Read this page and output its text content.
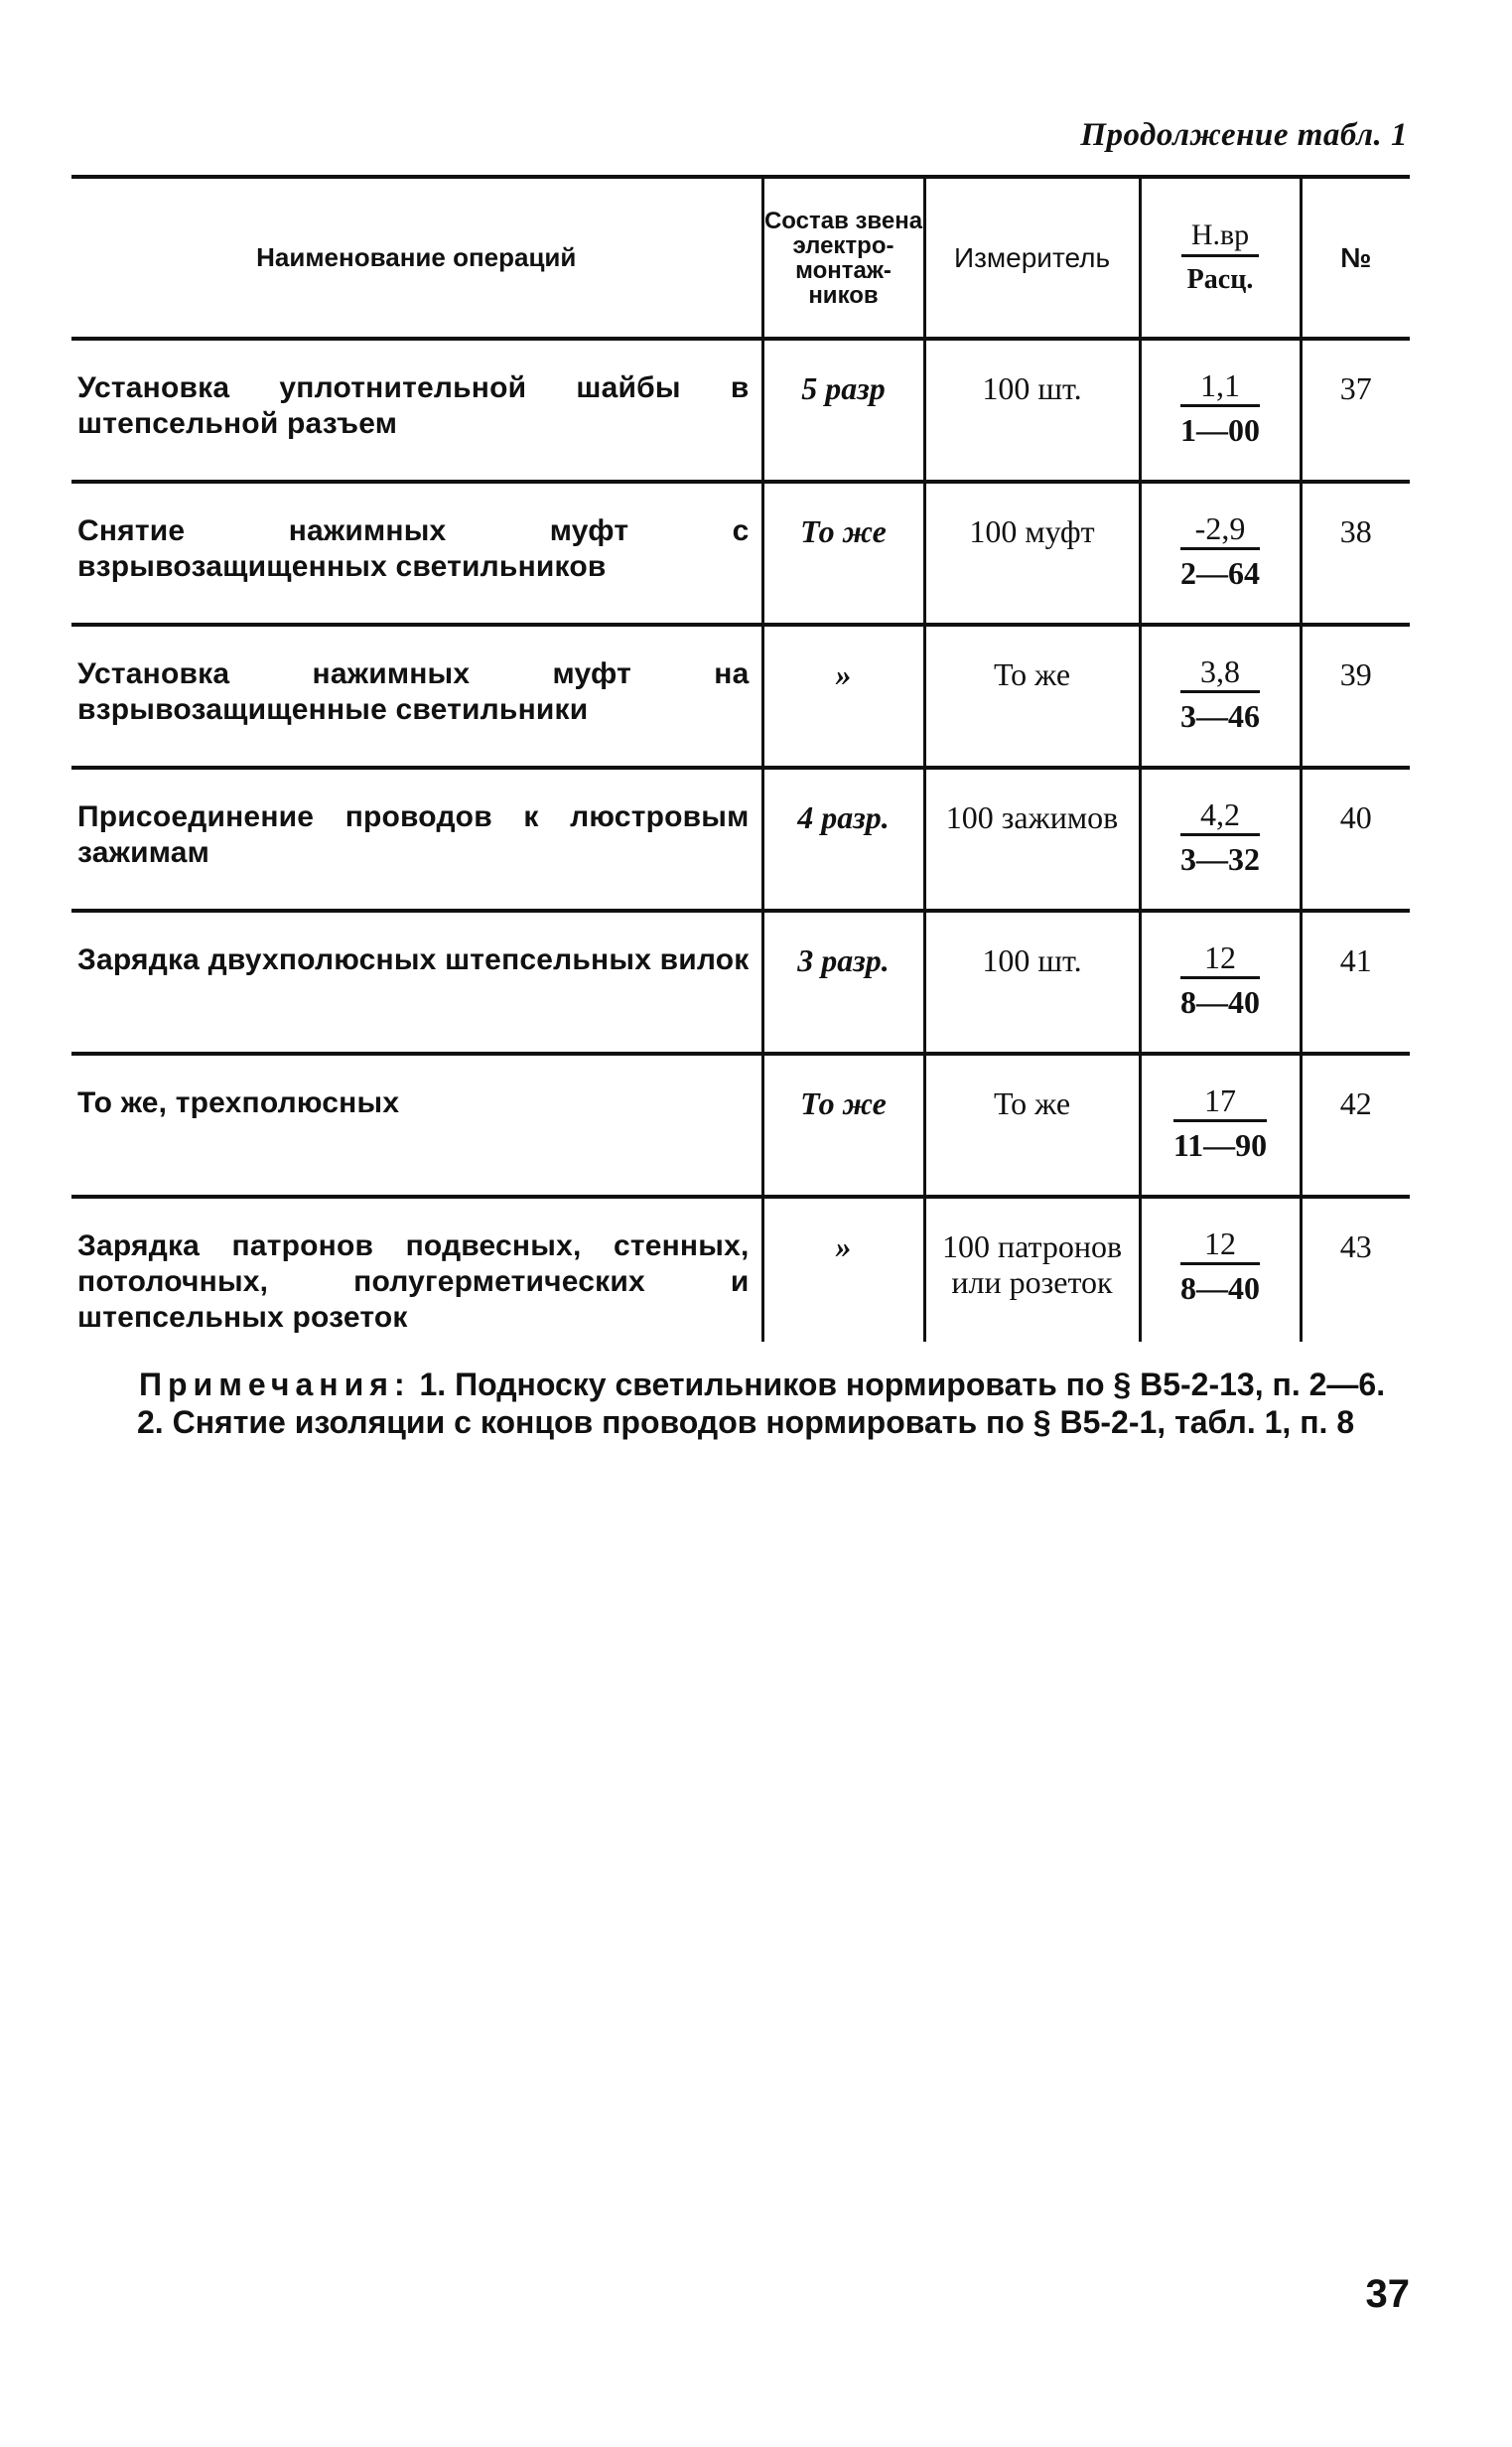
Продолжение табл. 1
Наименование операций	Состав звена электро-монтаж-ников	Измеритель	$\frac{Н.вр}{\text{Расц.}}$	№
Установка уплотнительной шайбы в штепсельной разъем	5 разр	100 шт.	$\frac{1,1}{1—00}$	37
Снятие нажимных муфт с взрывозащищенных светильников	То же	100 муфт	$\frac{-2,9}{2—64}$	38
Установка нажимных муфт на взрывозащищенные светильники	»	То же	$\frac{3,8}{3—46}$	39
Присоединение проводов к люстровым зажимам	4 разр.	100 зажимов	$\frac{4,2}{3—32}$	40
Зарядка двухполюсных штепсельных вилок	3 разр.	100 шт.	$\frac{12}{8—40}$	41
То же, трехполюсных	То же	То же	$\frac{17}{11—90}$	42
Зарядка патронов подвесных, стенных, потолочных, полугерметических и штепсельных розеток	»	100 патронов или розеток	$\frac{12}{8—40}$	43
Примечания: 1. Подноску светильников нормировать по § В5-2-13, п. 2—6.
2. Снятие изоляции с концов проводов нормировать по § В5-2-1, табл. 1, п. 8
37
